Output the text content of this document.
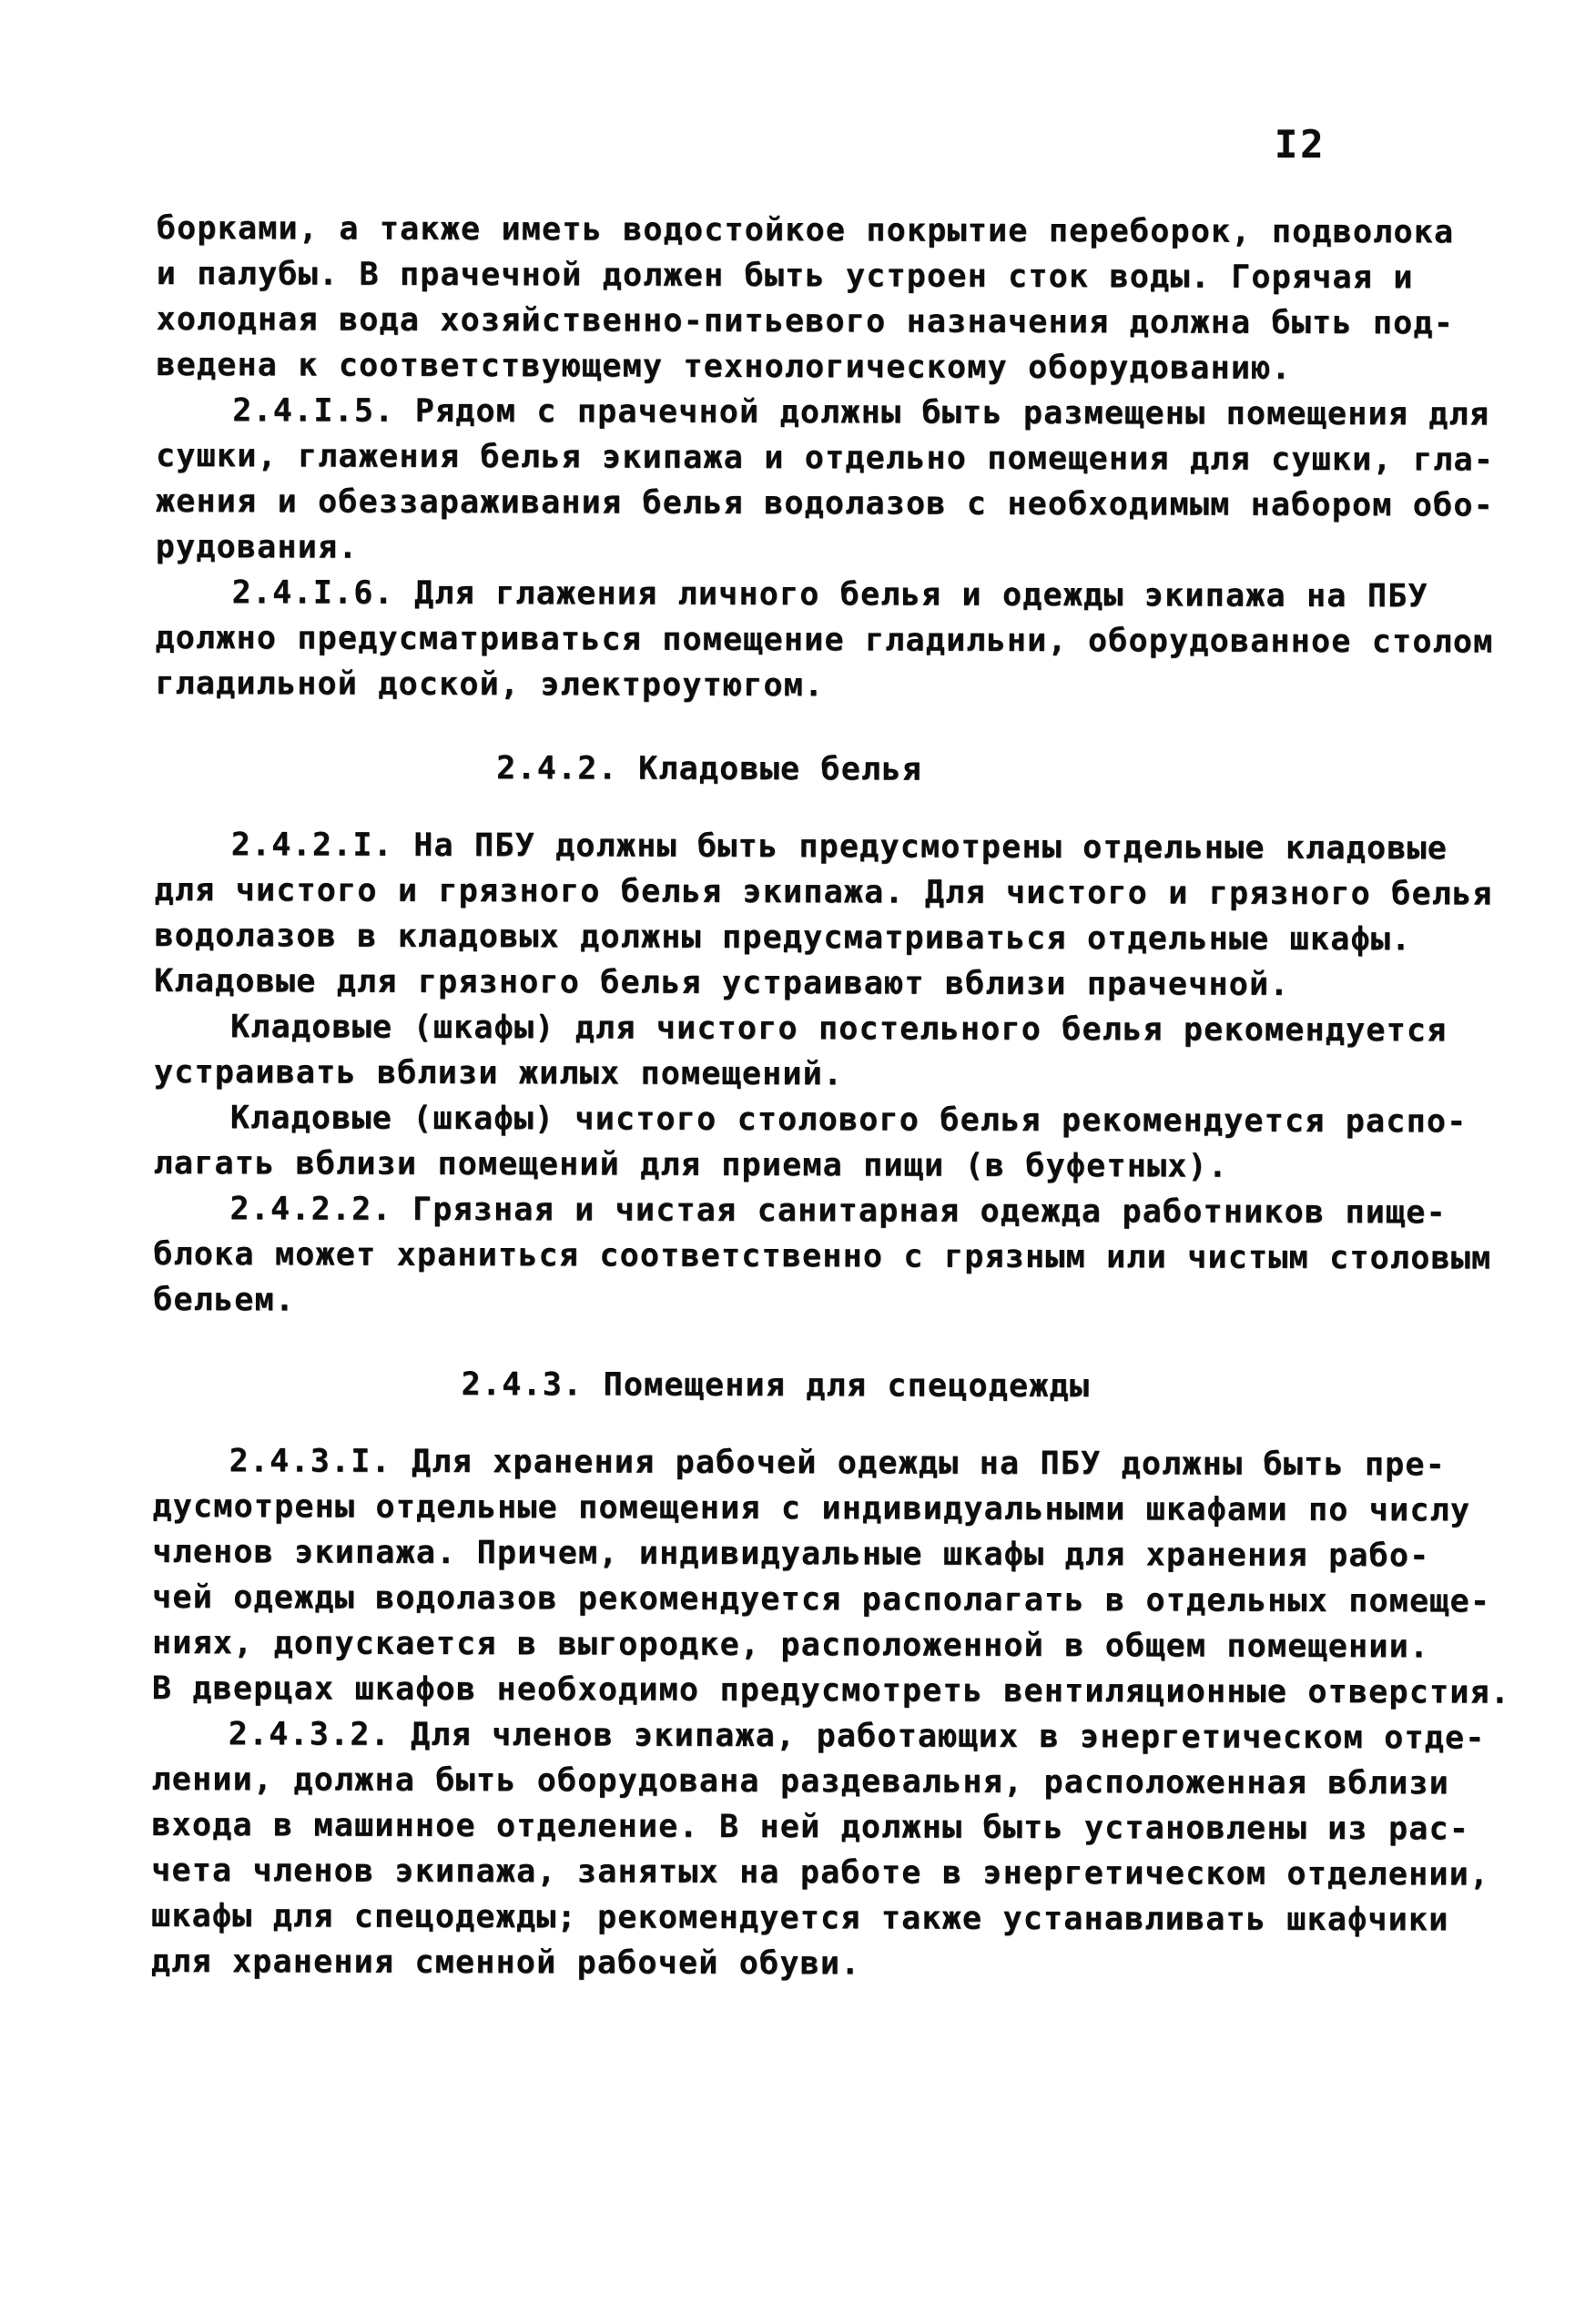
I2
борками, а также иметь водостойкое покрытие переборок, подволока
и палубы. В прачечной должен быть устроен сток воды. Горячая и
холодная вода хозяйственно-питьевого назначения должна быть под-
ведена к соответствующему технологическому оборудованию.
2.4.I.5. Рядом с прачечной должны быть размещены помещения для
сушки, глажения белья экипажа и отдельно помещения для сушки, гла-
жения и обеззараживания белья водолазов с необходимым набором обо-
рудования.
2.4.I.6. Для глажения личного белья и одежды экипажа на ПБУ
должно предусматриваться помещение гладильни, оборудованное столом
гладильной доской, электроутюгом.
2.4.2. Кладовые белья
2.4.2.I. На ПБУ должны быть предусмотрены отдельные кладовые
для чистого и грязного белья экипажа. Для чистого и грязного белья
водолазов в кладовых должны предусматриваться отдельные шкафы.
Кладовые для грязного белья устраивают вблизи прачечной.
Кладовые (шкафы) для чистого постельного белья рекомендуется
устраивать вблизи жилых помещений.
Кладовые (шкафы) чистого столового белья рекомендуется распо-
лагать вблизи помещений для приема пищи (в буфетных).
2.4.2.2. Грязная и чистая санитарная одежда работников пище-
блока может храниться соответственно с грязным или чистым столовым
бельем.
2.4.3. Помещения для спецодежды
2.4.3.I. Для хранения рабочей одежды на ПБУ должны быть пре-
дусмотрены отдельные помещения с индивидуальными шкафами по числу
членов экипажа. Причем, индивидуальные шкафы для хранения рабо-
чей одежды водолазов рекомендуется располагать в отдельных помеще-
ниях, допускается в выгородке, расположенной в общем помещении.
В дверцах шкафов необходимо предусмотреть вентиляционные отверстия.
2.4.3.2. Для членов экипажа, работающих в энергетическом отде-
лении, должна быть оборудована раздевальня, расположенная вблизи
входа в машинное отделение. В ней должны быть установлены из рас-
чета членов экипажа, занятых на работе в энергетическом отделении,
шкафы для спецодежды; рекомендуется также устанавливать шкафчики
для хранения сменной рабочей обуви.
